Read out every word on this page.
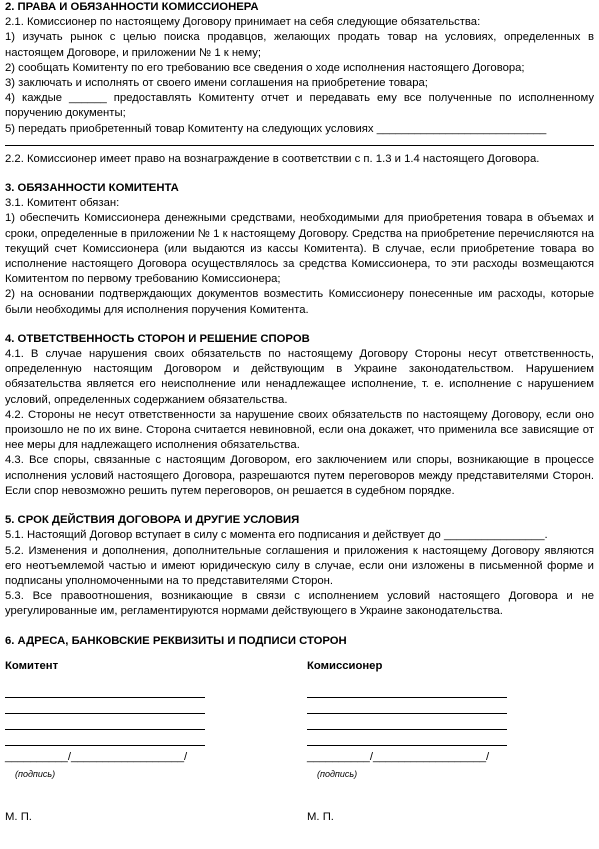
2. ПРАВА И ОБЯЗАННОСТИ КОМИССИОНЕРА

2.1. Комиссионер по настоящему Договору принимает на себя следующие обязательства:

1) изучать рынок с целью поиска продавцов, желающих продать товар на условиях, определенных в настоящем Договоре, и приложении № 1 к нему;

2) сообщать Комитенту по его требованию все сведения о ходе исполнения настоящего Договора;

3) заключать и исполнять от своего имени соглашения на приобретение товара;

4) каждые ______ предоставлять Комитенту отчет и передавать ему все полученные по исполненному поручению документы;

5) передать приобретенный товар Комитенту на следующих условиях ___________________________

2.2. Комиссионер имеет право на вознаграждение в соответствии с п. 1.3 и 1.4 настоящего Договора.

3. ОБЯЗАННОСТИ КОМИТЕНТА

3.1. Комитент обязан:

1) обеспечить Комиссионера денежными средствами, необходимыми для приобретения товара в объемах и сроки, определенные в приложении № 1 к настоящему Договору. Средства на приобретение перечисляются на текущий счет Комиссионера (или выдаются из кассы Комитента). В случае, если приобретение товара во исполнение настоящего Договора осуществлялось за средства Комиссионера, то эти расходы возмещаются Комитентом по первому требованию Комиссионера;

2) на основании подтверждающих документов возместить Комиссионеру понесенные им расходы, которые были необходимы для исполнения поручения Комитента.

4. ОТВЕТСТВЕННОСТЬ СТОРОН И РЕШЕНИЕ СПОРОВ

4.1. В случае нарушения своих обязательств по настоящему Договору Стороны несут ответственность, определенную настоящим Договором и действующим в Украине законодательством. Нарушением обязательства является его неисполнение или ненадлежащее исполнение, т. е. исполнение с нарушением условий, определенных содержанием обязательства.

4.2. Стороны не несут ответственности за нарушение своих обязательств по настоящему Договору, если оно произошло не по их вине. Сторона считается невиновной, если она докажет, что применила все зависящие от нее меры для надлежащего исполнения обязательства.

4.3. Все споры, связанные с настоящим Договором, его заключением или споры, возникающие в процессе исполнения условий настоящего Договора, разрешаются путем переговоров между представителями Сторон. Если спор невозможно решить путем переговоров, он решается в судебном порядке.

5. СРОК ДЕЙСТВИЯ ДОГОВОРА И ДРУГИЕ УСЛОВИЯ

5.1. Настоящий Договор вступает в силу с момента его подписания и действует до ________________.

5.2. Изменения и дополнения, дополнительные соглашения и приложения к настоящему Договору являются его неотъемлемой частью и имеют юридическую силу в случае, если они изложены в письменной форме и подписаны уполномоченными на то представителями Сторон.

5.3. Все правоотношения, возникающие в связи с исполнением условий настоящего Договора и не урегулированные им, регламентируются нормами действующего в Украине законодательства.

6. АДРЕСА, БАНКОВСКИЕ РЕКВИЗИТЫ И ПОДПИСИ СТОРОН

Комитент
__________/__________________/
(подпись)
М. П.
Комиссионер
__________/__________________/
(подпись)
М. П.
